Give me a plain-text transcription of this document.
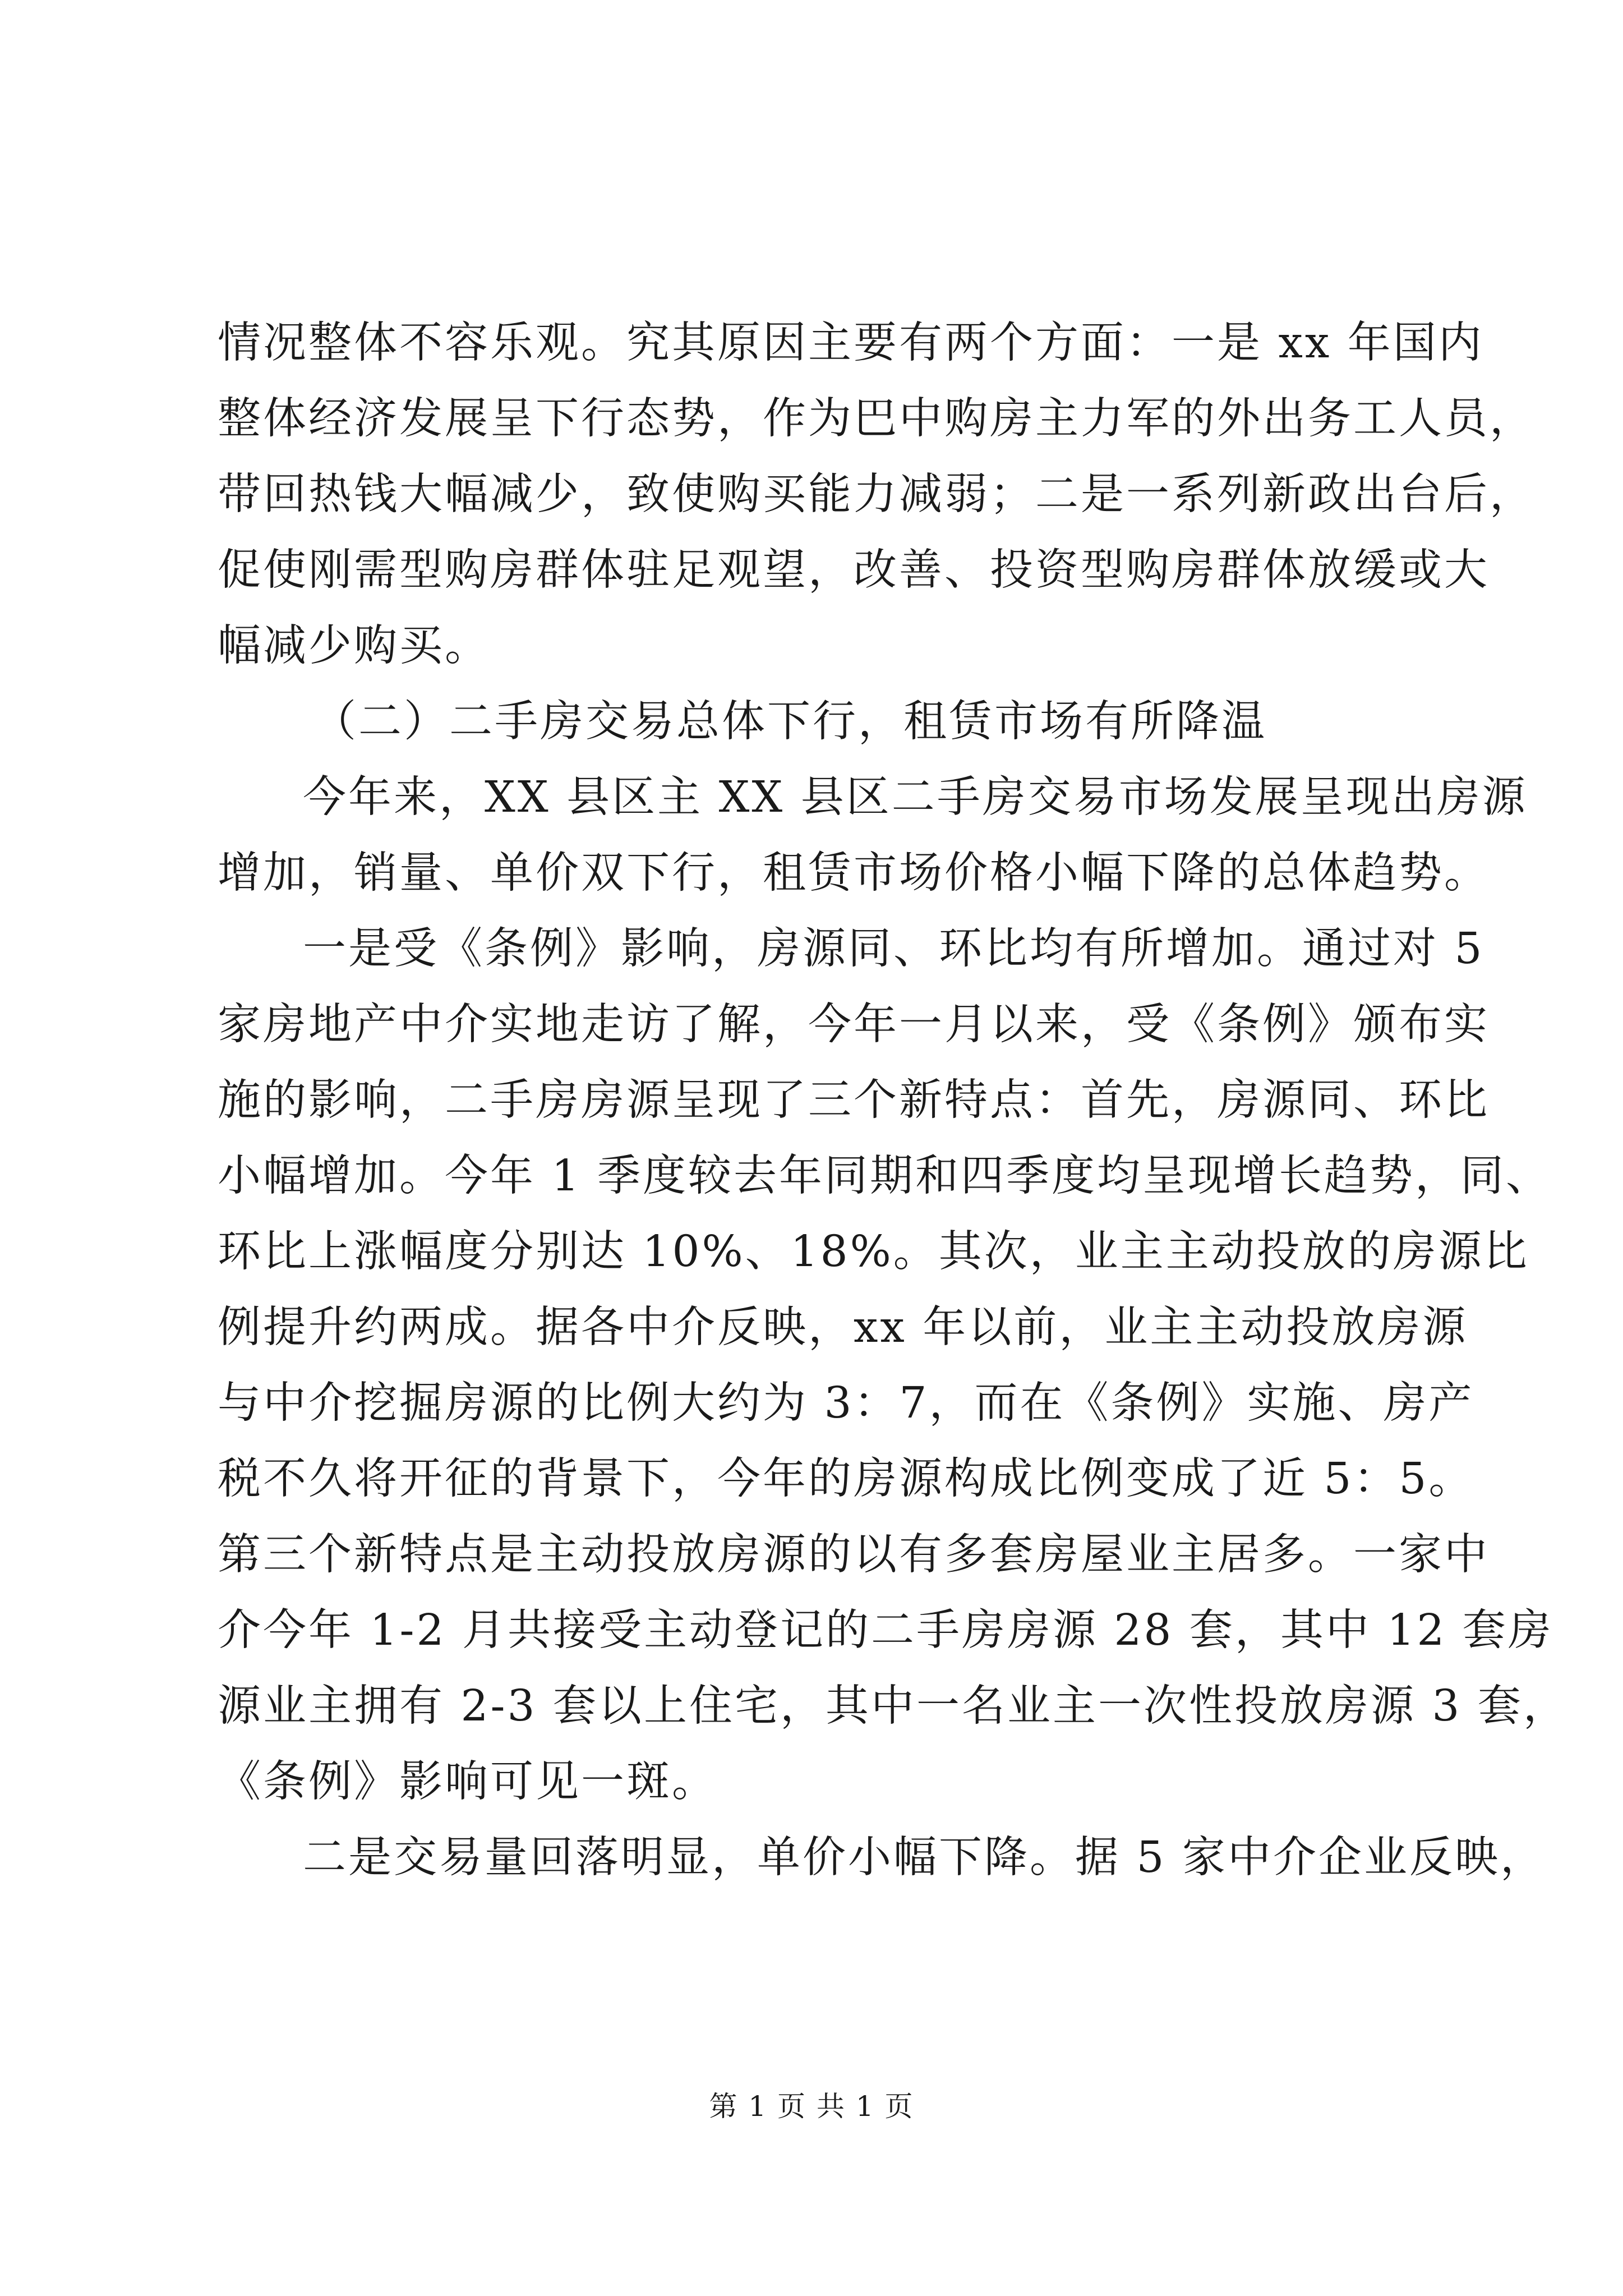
情况整体不容乐观。究其原因主要有两个方面：一是 xx 年国内
整体经济发展呈下行态势，作为巴中购房主力军的外出务工人员，
带回热钱大幅减少，致使购买能力减弱；二是一系列新政出台后，
促使刚需型购房群体驻足观望，改善、投资型购房群体放缓或大
幅减少购买。
（二）二手房交易总体下行，租赁市场有所降温
今年来，XX 县区主 XX 县区二手房交易市场发展呈现出房源
增加，销量、单价双下行，租赁市场价格小幅下降的总体趋势。
一是受《条例》影响，房源同、环比均有所增加。通过对 5
家房地产中介实地走访了解，今年一月以来，受《条例》颁布实
施的影响，二手房房源呈现了三个新特点：首先，房源同、环比
小幅增加。今年 1 季度较去年同期和四季度均呈现增长趋势，同、
环比上涨幅度分别达 10%、18%。其次，业主主动投放的房源比
例提升约两成。据各中介反映，xx 年以前，业主主动投放房源
与中介挖掘房源的比例大约为 3：7，而在《条例》实施、房产
税不久将开征的背景下，今年的房源构成比例变成了近 5：5。
第三个新特点是主动投放房源的以有多套房屋业主居多。一家中
介今年 1-2 月共接受主动登记的二手房房源 28 套，其中 12 套房
源业主拥有 2-3 套以上住宅，其中一名业主一次性投放房源 3 套，
《条例》影响可见一斑。
二是交易量回落明显，单价小幅下降。据 5 家中介企业反映，
第 1 页 共 1 页
